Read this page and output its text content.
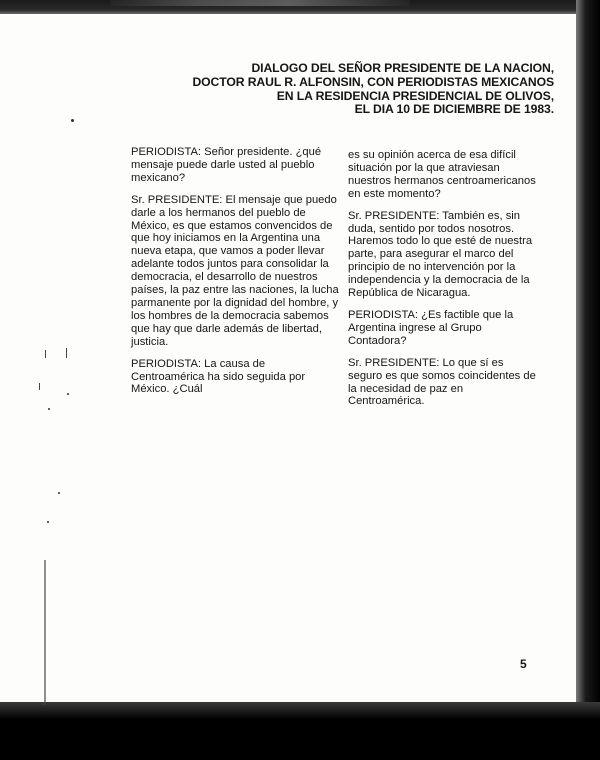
DIALOGO DEL SEÑOR PRESIDENTE DE LA NACION,
DOCTOR RAUL R. ALFONSIN, CON PERIODISTAS MEXICANOS
EN LA RESIDENCIA PRESIDENCIAL DE OLIVOS,
EL DIA 10 DE DICIEMBRE DE 1983.

PERIODISTA: Señor presidente. ¿qué mensaje puede darle usted al pueblo mexicano?

Sr. PRESIDENTE: El mensaje que puedo darle a los hermanos del pueblo de México, es que estamos convencidos de que hoy iniciamos en la Argentina una nueva etapa, que vamos a poder llevar adelante todos juntos para consolidar la democracia, el desarrollo de nuestros países, la paz entre las naciones, la lucha parmanente por la dignidad del hombre, y los hombres de la democracia sabemos que hay que darle además de libertad, justicia.

PERIODISTA: La causa de Centroamérica ha sido seguida por México. ¿Cuál

es su opinión acerca de esa difícil situación por la que atraviesan nuestros hermanos centroamericanos en este momento?

Sr. PRESIDENTE: También es, sin duda, sentido por todos nosotros. Haremos todo lo que esté de nuestra parte, para asegurar el marco del principio de no intervención por la independencia y la democracia de la República de Nicaragua.

PERIODISTA: ¿Es factible que la Argentina ingrese al Grupo Contadora?

Sr. PRESIDENTE: Lo que sí es seguro es que somos coincidentes de la necesidad de paz en Centroamérica.

5
